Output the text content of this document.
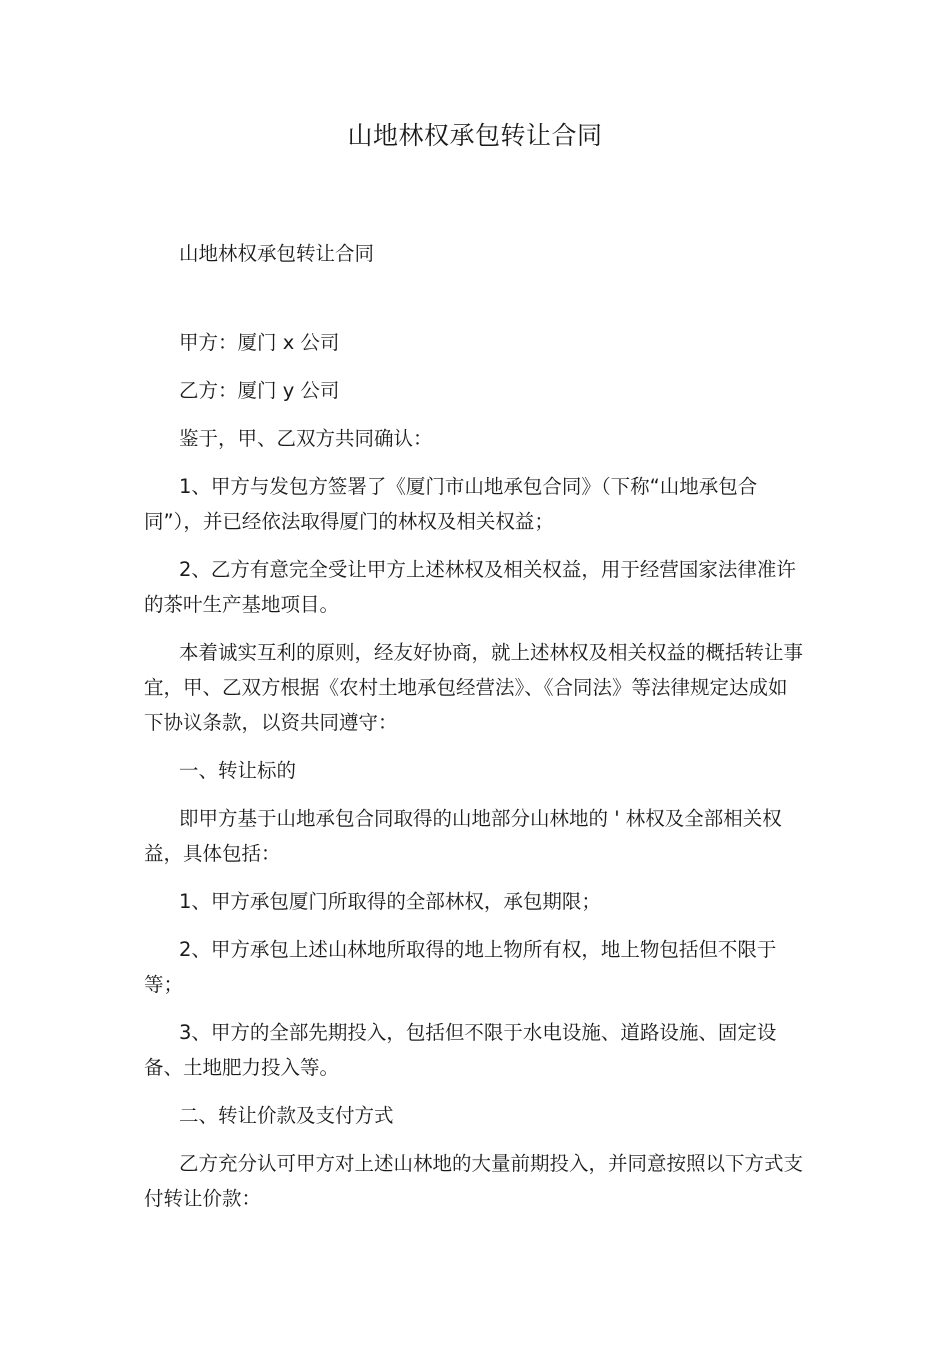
山地林权承包转让合同

山地林权承包转让合同

甲方：厦门 x 公司

乙方：厦门 y 公司

鉴于，甲、乙双方共同确认：

1、甲方与发包方签署了《厦门市山地承包合同》（下称“山地承包合同”），并已经依法取得厦门的林权及相关权益；

2、乙方有意完全受让甲方上述林权及相关权益，用于经营国家法律准许的茶叶生产基地项目。

本着诚实互利的原则，经友好协商，就上述林权及相关权益的概括转让事宜，甲、乙双方根据《农村土地承包经营法》、《合同法》等法律规定达成如下协议条款，以资共同遵守：

一、转让标的

即甲方基于山地承包合同取得的山地部分山林地的 ' 林权及全部相关权益，具体包括：

1、甲方承包厦门所取得的全部林权，承包期限；

2、甲方承包上述山林地所取得的地上物所有权，地上物包括但不限于等；

3、甲方的全部先期投入，包括但不限于水电设施、道路设施、固定设备、土地肥力投入等。

二、转让价款及支付方式

乙方充分认可甲方对上述山林地的大量前期投入，并同意按照以下方式支付转让价款：
